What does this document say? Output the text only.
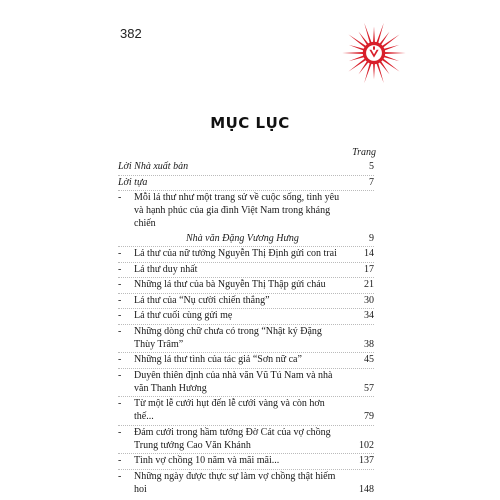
382
MỤC LỤC
Trang
Lời Nhà xuất bản	5
Lời tựa	7
-	Mỗi lá thư như một trang sử về cuộc sống, tình yêu và hạnh phúc của gia đình Việt Nam trong kháng chiến
Nhà văn Đặng Vương Hưng	9
-	Lá thư của nữ tướng Nguyễn Thị Định gửi con trai	14
-	Lá thư duy nhất	17
-	Những lá thư của bà Nguyễn Thị Thập gửi cháu	21
-	Lá thư của “Nụ cười chiến thắng”	30
-	Lá thư cuối cùng gửi mẹ	34
-	Những dòng chữ chưa có trong “Nhật ký Đặng Thùy Trâm”	38
-	Những lá thư tình của tác giả “Sơn nữ ca”	45
-	Duyên thiên định của nhà văn Vũ Tú Nam và nhà văn Thanh Hương	57
-	Từ một lễ cưới hụt đến lễ cưới vàng và còn hơn thế...	79
-	Đám cưới trong hầm tướng Đờ Cát của vợ chồng Trung tướng Cao Văn Khánh	102
-	Tình vợ chồng 10 năm và mãi mãi...	137
-	Những ngày được thực sự làm vợ chồng thật hiếm hoi	148
